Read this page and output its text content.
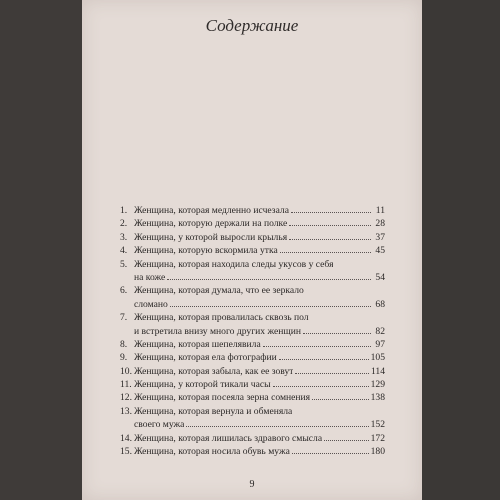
Содержание
1. Женщина, которая медленно исчезала	11
2. Женщина, которую держали на полке	28
3. Женщина, у которой выросли крылья	37
4. Женщина, которую вскормила утка	45
5. Женщина, которая находила следы укусов у себя
на коже	54
6. Женщина, которая думала, что ее зеркало
сломано	68
7. Женщина, которая провалилась сквозь пол
и встретила внизу много других женщин	82
8. Женщина, которая шепелявила	97
9. Женщина, которая ела фотографии	105
10. Женщина, которая забыла, как ее зовут	114
11. Женщина, у которой тикали часы	129
12. Женщина, которая посеяла зерна сомнения	138
13. Женщина, которая вернула и обменяла
своего мужа	152
14. Женщина, которая лишилась здравого смысла	172
15. Женщина, которая носила обувь мужа	180
9
